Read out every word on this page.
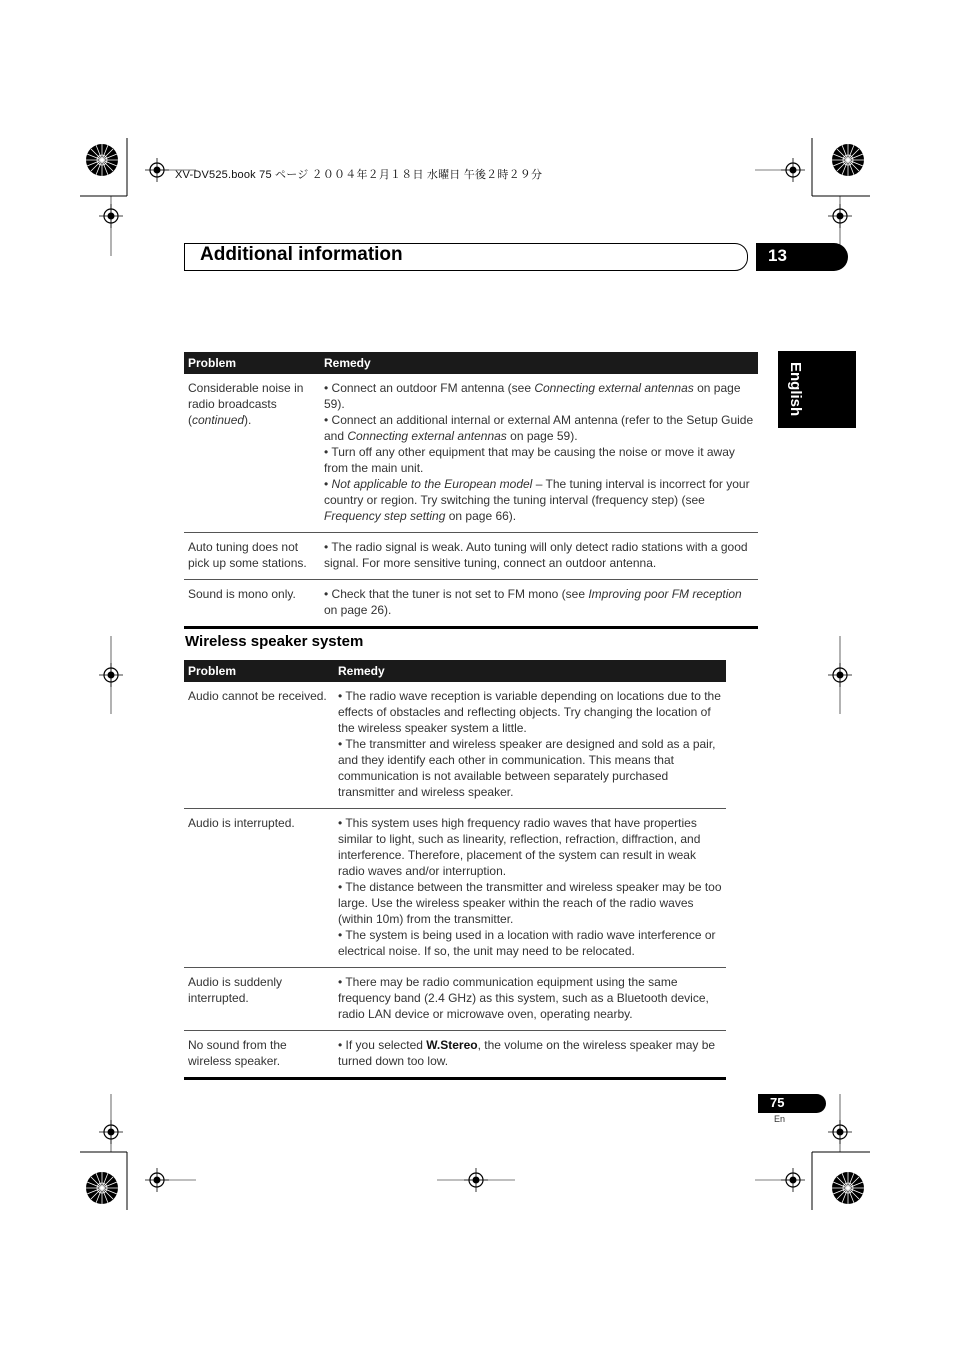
XV-DV525.book 75 ページ ２００４年２月１８日 水曜日 午後２時２９分
Additional information	13
English
Problem	Remedy
Considerable noise in radio broadcasts (continued).	• Connect an outdoor FM antenna (see Connecting external antennas on page 59).
• Connect an additional internal or external AM antenna (refer to the Setup Guide and Connecting external antennas on page 59).
• Turn off any other equipment that may be causing the noise or move it away from the main unit.
• Not applicable to the European model – The tuning interval is incorrect for your country or region. Try switching the tuning interval (frequency step) (see Frequency step setting on page 66).

Auto tuning does not pick up some stations.	• The radio signal is weak. Auto tuning will only detect radio stations with a good signal. For more sensitive tuning, connect an outdoor antenna.
Sound is mono only.	• Check that the tuner is not set to FM mono (see Improving poor FM reception on page 26).
Wireless speaker system
Problem	Remedy
Audio cannot be received.	• The radio wave reception is variable depending on locations due to the effects of obstacles and reflecting objects. Try changing the location of the wireless speaker system a little.
• The transmitter and wireless speaker are designed and sold as a pair, and they identify each other in communication. This means that communication is not available between separately purchased transmitter and wireless speaker.

Audio is interrupted.	• This system uses high frequency radio waves that have properties similar to light, such as linearity, reflection, refraction, diffraction, and interference. Therefore, placement of the system can result in weak radio waves and/or interruption.
• The distance between the transmitter and wireless speaker may be too large. Use the wireless speaker within the reach of the radio waves (within 10m) from the transmitter.
• The system is being used in a location with radio wave interference or electrical noise. If so, the unit may need to be relocated.

Audio is suddenly interrupted.	• There may be radio communication equipment using the same frequency band (2.4 GHz) as this system, such as a Bluetooth device, radio LAN device or microwave oven, operating nearby.
No sound from the wireless speaker.	• If you selected W.Stereo, the volume on the wireless speaker may be turned down too low.
75
En
